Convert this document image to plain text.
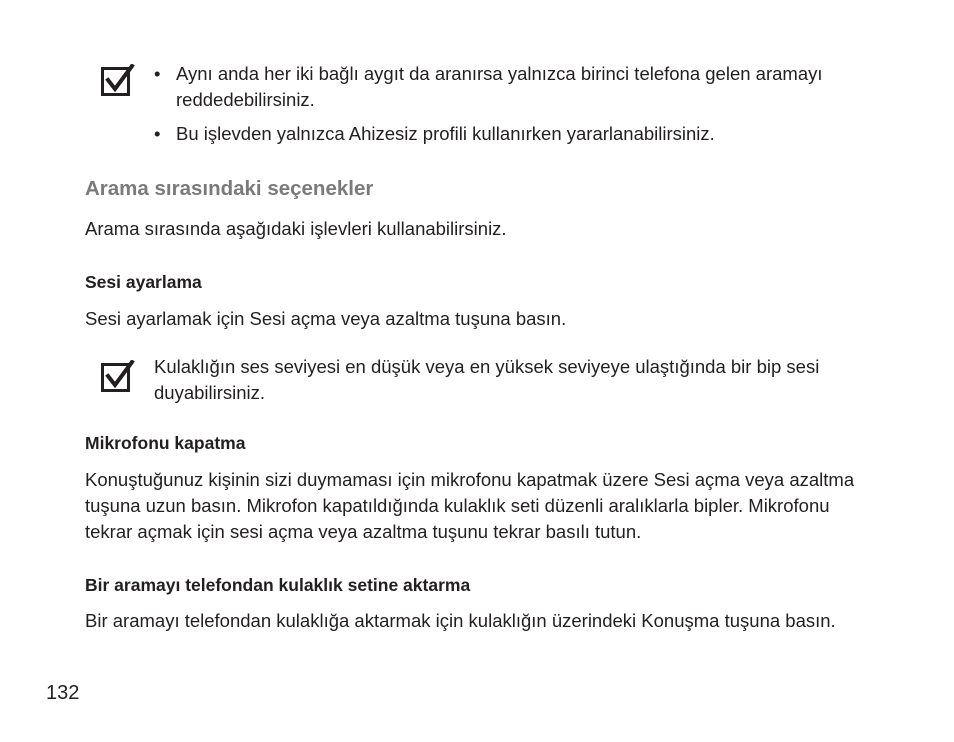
• Aynı anda her iki bağlı aygıt da aranırsa yalnızca birinci telefona gelen aramayı reddedebilirsiniz.
• Bu işlevden yalnızca Ahizesiz profili kullanırken yararlanabilirsiniz.
Arama sırasındaki seçenekler

Arama sırasında aşağıdaki işlevleri kullanabilirsiniz.

Sesi ayarlama

Sesi ayarlamak için Sesi açma veya azaltma tuşuna basın.

Kulaklığın ses seviyesi en düşük veya en yüksek seviyeye ulaştığında bir bip sesi duyabilirsiniz.

Mikrofonu kapatma

Konuştuğunuz kişinin sizi duymaması için mikrofonu kapatmak üzere Sesi açma veya azaltma tuşuna uzun basın. Mikrofon kapatıldığında kulaklık seti düzenli aralıklarla bipler. Mikrofonu tekrar açmak için sesi açma veya azaltma tuşunu tekrar basılı tutun.

Bir aramayı telefondan kulaklık setine aktarma

Bir aramayı telefondan kulaklığa aktarmak için kulaklığın üzerindeki Konuşma tuşuna basın.

132
